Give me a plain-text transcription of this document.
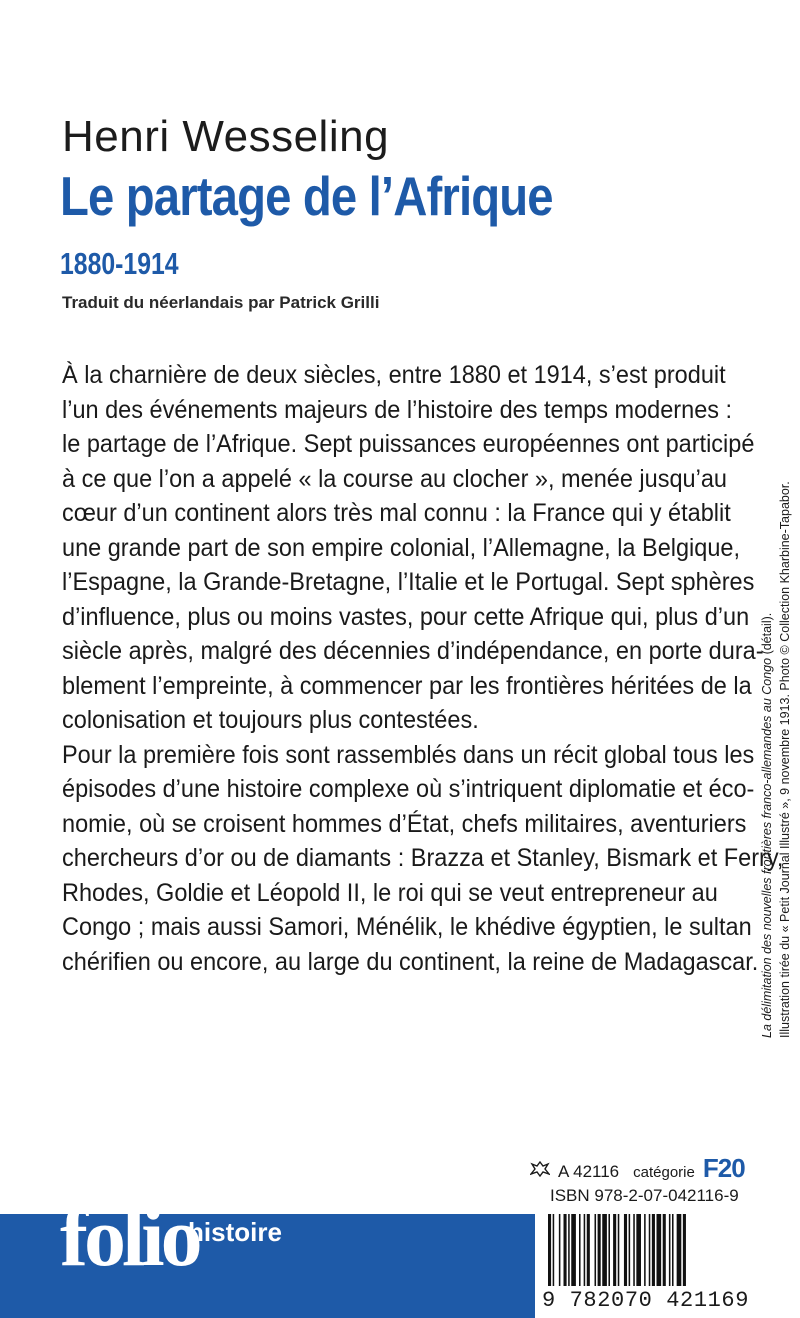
Henri Wesseling
Le partage de l’Afrique
1880-1914
Traduit du néerlandais par Patrick Grilli

À la charnière de deux siècles, entre 1880 et 1914, s’est produit

l’un des événements majeurs de l’histoire des temps modernes :

le partage de l’Afrique. Sept puissances européennes ont participé

à ce que l’on a appelé « la course au clocher », menée jusqu’au

cœur d’un continent alors très mal connu : la France qui y établit

une grande part de son empire colonial, l’Allemagne, la Belgique,

l’Espagne, la Grande-Bretagne, l’Italie et le Portugal. Sept sphères

d’influence, plus ou moins vastes, pour cette Afrique qui, plus d’un

siècle après, malgré des décennies d’indépendance, en porte dura-

blement l’empreinte, à commencer par les frontières héritées de la

colonisation et toujours plus contestées.

Pour la première fois sont rassemblés dans un récit global tous les

épisodes d’une histoire complexe où s’intriquent diplomatie et éco-

nomie, où se croisent hommes d’État, chefs militaires, aventuriers

chercheurs d’or ou de diamants : Brazza et Stanley, Bismark et Ferry,

Rhodes, Goldie et Léopold II, le roi qui se veut entrepreneur au

Congo ; mais aussi Samori, Ménélik, le khédive égyptien, le sultan

chérifien ou encore, au large du continent, la reine de Madagascar. La délimitation des nouvelles frontières franco-allemandes au Congo (détail). Illustration tirée du « Petit Journal Illustré », 9 novembre 1913. Photo © Collection Kharbine-Tapabor.
A 42116 catégorie F20
ISBN 978-2-07-042116-9
folio
histoire
9 782070 421169
